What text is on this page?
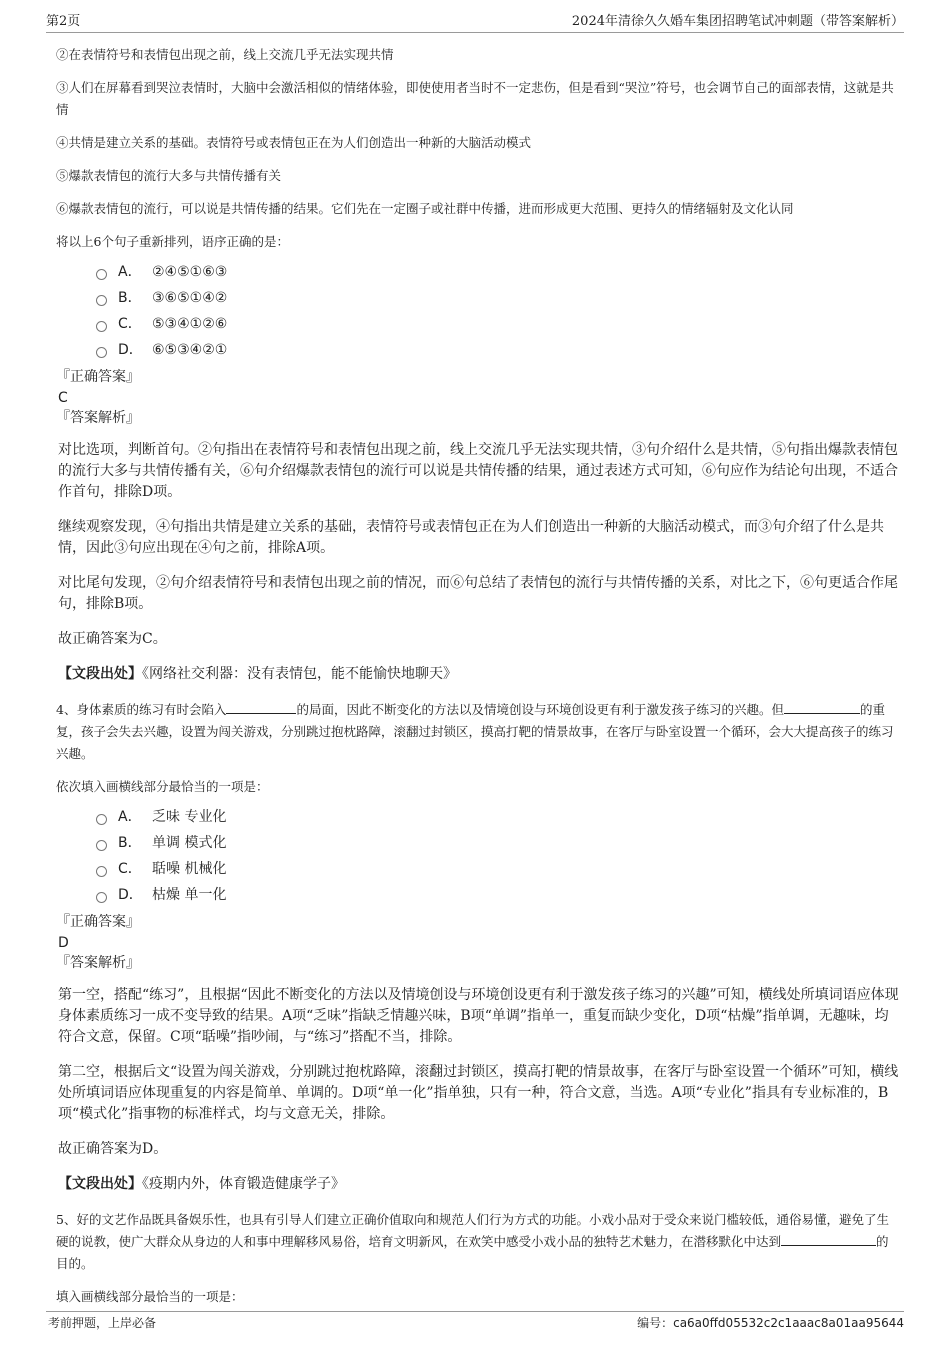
第2页	2024年清徐久久婚车集团招聘笔试冲刺题（带答案解析）

②在表情符号和表情包出现之前，线上交流几乎无法实现共情

③人们在屏幕看到哭泣表情时，大脑中会激活相似的情绪体验，即使使用者当时不一定悲伤，但是看到“哭泣”符号，也会调节自己的面部表情，这就是共情

④共情是建立关系的基础。表情符号或表情包正在为人们创造出一种新的大脑活动模式

⑤爆款表情包的流行大多与共情传播有关

⑥爆款表情包的流行，可以说是共情传播的结果。它们先在一定圈子或社群中传播，进而形成更大范围、更持久的情绪辐射及文化认同

将以上6个句子重新排列，语序正确的是：

A． ②④⑤①⑥③
B． ③⑥⑤①④②
C． ⑤③④①②⑥
D． ⑥⑤③④②①

『正确答案』

C

『答案解析』

对比选项，判断首句。②句指出在表情符号和表情包出现之前，线上交流几乎无法实现共情，③句介绍什么是共情，⑤句指出爆款表情包的流行大多与共情传播有关，⑥句介绍爆款表情包的流行可以说是共情传播的结果，通过表述方式可知，⑥句应作为结论句出现，不适合作首句，排除D项。

继续观察发现，④句指出共情是建立关系的基础，表情符号或表情包正在为人们创造出一种新的大脑活动模式，而③句介绍了什么是共情，因此③句应出现在④句之前，排除A项。

对比尾句发现，②句介绍表情符号和表情包出现之前的情况，而⑥句总结了表情包的流行与共情传播的关系，对比之下，⑥句更适合作尾句，排除B项。

故正确答案为C。

【文段出处】《网络社交利器：没有表情包，能不能愉快地聊天》

4、身体素质的练习有时会陷入	的局面，因此不断变化的方法以及情境创设与环境创设更有利于激发孩子练习的兴趣。但	的重复，孩子会失去兴趣，设置为闯关游戏，分别跳过抱枕路障，滚翻过封锁区，摸高打靶的情景故事，在客厅与卧室设置一个循环，会大大提高孩子的练习兴趣。

依次填入画横线部分最恰当的一项是：

A． 乏味 专业化
B． 单调 模式化
C． 聒噪 机械化
D． 枯燥 单一化

『正确答案』

D

『答案解析』

第一空，搭配“练习”，且根据“因此不断变化的方法以及情境创设与环境创设更有利于激发孩子练习的兴趣”可知，横线处所填词语应体现身体素质练习一成不变导致的结果。A项“乏味”指缺乏情趣兴味，B项“单调”指单一，重复而缺少变化，D项“枯燥”指单调，无趣味，均符合文意，保留。C项“聒噪”指吵闹，与“练习”搭配不当，排除。

第二空，根据后文“设置为闯关游戏，分别跳过抱枕路障，滚翻过封锁区，摸高打靶的情景故事，在客厅与卧室设置一个循环”可知，横线处所填词语应体现重复的内容是简单、单调的。D项“单一化”指单独，只有一种，符合文意，当选。A项“专业化”指具有专业标准的，B项“模式化”指事物的标准样式，均与文意无关，排除。

故正确答案为D。

【文段出处】《疫期内外，体育锻造健康学子》

5、好的文艺作品既具备娱乐性，也具有引导人们建立正确价值取向和规范人们行为方式的功能。小戏小品对于受众来说门槛较低，通俗易懂，避免了生硬的说教，使广大群众从身边的人和事中理解移风易俗，培育文明新风，在欢笑中感受小戏小品的独特艺术魅力，在潜移默化中达到	的目的。

填入画横线部分最恰当的一项是：

考前押题，上岸必备	编号：ca6a0ffd05532c2c1aaac8a01aa95644
